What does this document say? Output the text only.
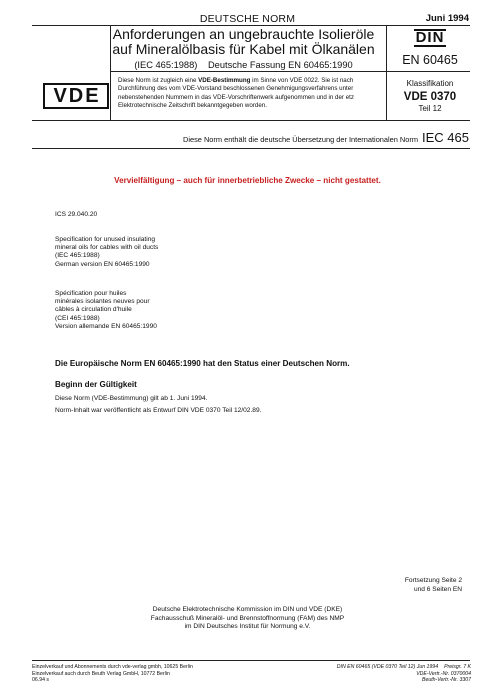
DEUTSCHE NORM	Juni 1994
Anforderungen an ungebrauchte Isolieröle
auf Mineralölbasis für Kabel mit Ölkanälen
(IEC 465:1988) Deutsche Fassung EN 60465:1990
DIN
EN 60465
VDE
Diese Norm ist zugleich eine VDE-Bestimmung im Sinne von VDE 0022. Sie ist nach
Durchführung des vom VDE-Vorstand beschlossenen Genehmigungsverfahrens unter
nebenstehenden Nummern in das VDE-Vorschriftenwerk aufgenommen und in der etz
Elektrotechnische Zeitschrift bekanntgegeben worden.
Klassifikation
VDE 0370
Teil 12
Diese Norm enthält die deutsche Übersetzung der Internationalen Norm IEC 465
Vervielfältigung – auch für innerbetriebliche Zwecke – nicht gestattet.
ICS 29.040.20
Specification for unused insulating
mineral oils for cables with oil ducts
(IEC 465:1988)
German version EN 60465:1990
Spécification pour huiles
minérales isolantes neuves pour
câbles à circulation d'huile
(CEI 465:1988)
Version allemande EN 60465:1990
Die Europäische Norm EN 60465:1990 hat den Status einer Deutschen Norm.
Beginn der Gültigkeit
Diese Norm (VDE-Bestimmung) gilt ab 1. Juni 1994.
Norm-Inhalt war veröffentlicht als Entwurf DIN VDE 0370 Teil 12/02.89.
Fortsetzung Seite 2
und 6 Seiten EN
Deutsche Elektrotechnische Kommission im DIN und VDE (DKE)
Fachausschuß Mineralöl- und Brennstoffnormung (FAM) des NMP
im DIN Deutsches Institut für Normung e.V.
Einzelverkauf und Abonnements durch vde-verlag gmbh, 10625 Berlin
Einzelverkauf auch durch Beuth Verlag GmbH, 10772 Berlin
06.94 s
DIN EN 60465 (VDE 0370 Teil 12) Jun 1994 Preisgr. 7 K
VDE-Vertr.-Nr. 0370004
Beuth-Vertr.-Nr. 3307
